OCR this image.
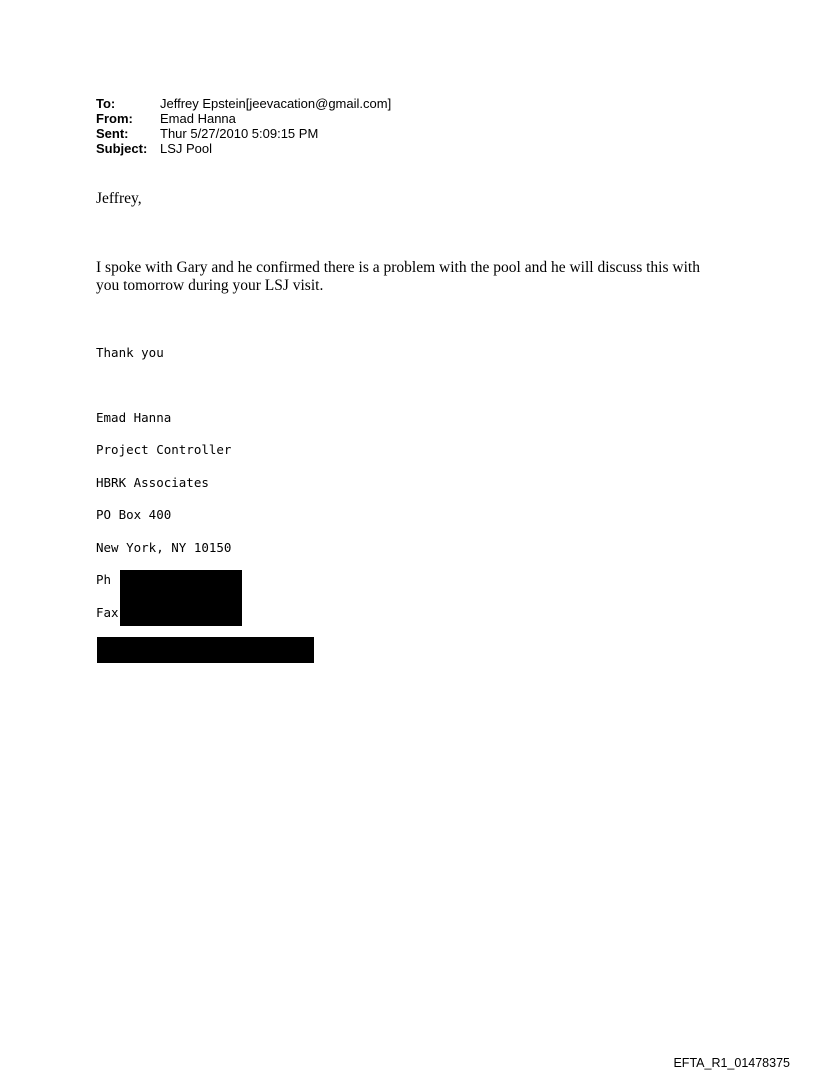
To:	Jeffrey Epstein[jeevacation@gmail.com]
From:	Emad Hanna
Sent:	Thur 5/27/2010 5:09:15 PM
Subject: LSJ Pool
Jeffrey,
I spoke with Gary and he confirmed there is a problem with the pool and he will discuss this with
you tomorrow during your LSJ visit.
Thank you
Emad Hanna
Project Controller
HBRK Associates
PO Box 400
New York, NY 10150
Ph
Fax
EFTA_R1_01478375
